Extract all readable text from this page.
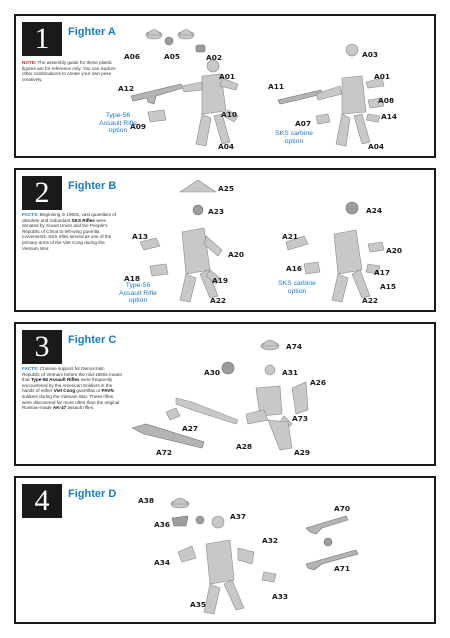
1	Fighter A
NOTE: The assembly guide for these plastic figures are for reference only. You can explore other combinations to create your own pose creatively.
A06	A05	A02
A01
A12
A10
A09
A04
A03
A01
A11
A08
A14
A07
A04
Type-56 Assault Rifle option	SKS carbine option
2	Fighter B
FACTS: Beginning in 1960s, vast quantities of obsolete and redundant SKS Rifles were donated by Soviet Union and the People's Republic of China to left-wing guerrilla movements. SKS rifles served as one of the primary arms of the Viet Cong during the Vietnam War.
A25
A23
A13
A20
A18	A19
A22
A24
A21
A20
A16	A17
A15
A22
Type-56 Assault Rifle option
SKS carbine option
3	Fighter C
FACTS: Chinese support for Democratic Republic of Vietnam before the mid-1960s meant that Type-56 Assault Rifles were frequently encountered by the American Soldiers in the hands of either Viet Cong guerrillas or PAVN soldiers during the Vietnam War. These rifles were discovered far more often than the original Russian-made AK-47 assault rifles.
A74
A30	A31
A26
A27
A73
A72
A28
A29
4	Fighter D
A38
A37
A36
A70
A32
A34
A71
A33
A35
